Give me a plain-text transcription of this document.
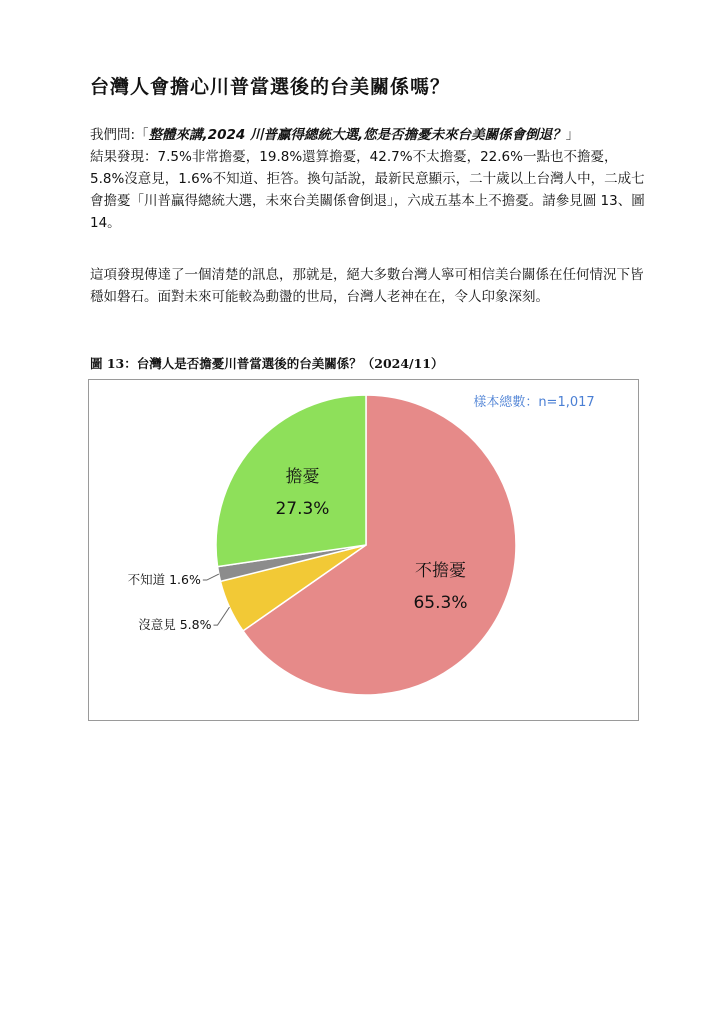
台灣人會擔心川普當選後的台美關係嗎？
我們問:「整體來講,2024 川普贏得總統大選,您是否擔憂未來台美關係會倒退？」
結果發現：7.5%非常擔憂，19.8%還算擔憂，42.7%不太擔憂，22.6%一點也不擔憂，5.8%沒意見，1.6%不知道、拒答。換句話說，最新民意顯示，二十歲以上台灣人中，二成七會擔憂「川普贏得總統大選，未來台美關係會倒退」，六成五基本上不擔憂。請參見圖 13、圖 14。
這項發現傳達了一個清楚的訊息，那就是，絕大多數台灣人寧可相信美台關係在任何情況下皆穩如磐石。面對未來可能較為動盪的世局，台灣人老神在在，令人印象深刻。
圖 13：台灣人是否擔憂川普當選後的台美關係？（2024/11）
不擔憂
65.3%
沒意見 5.8%
不知道 1.6%
擔憂
27.3%
樣本總數：n=1,017
